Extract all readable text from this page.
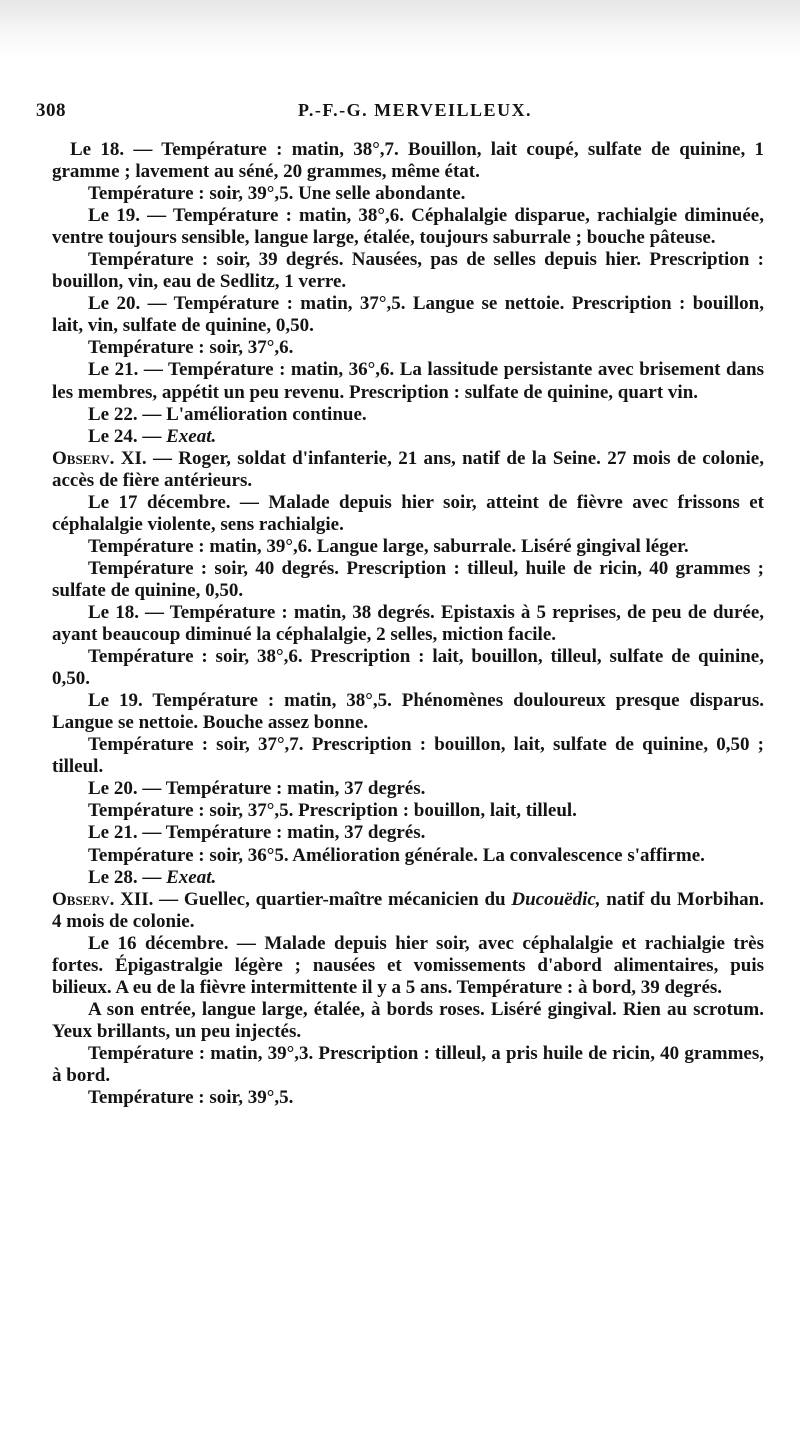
308	P.-F.-G. MERVEILLEUX.

Le 18. — Température : matin, 38°,7. Bouillon, lait coupé, sulfate de quinine, 1 gramme ; lavement au séné, 20 grammes, même état.

Température : soir, 39°,5. Une selle abondante.

Le 19. — Température : matin, 38°,6. Céphalalgie disparue, rachialgie diminuée, ventre toujours sensible, langue large, étalée, toujours saburrale ; bouche pâteuse.

Température : soir, 39 degrés. Nausées, pas de selles depuis hier. Prescription : bouillon, vin, eau de Sedlitz, 1 verre.

Le 20. — Température : matin, 37°,5. Langue se nettoie. Prescription : bouillon, lait, vin, sulfate de quinine, 0,50.

Température : soir, 37°,6.

Le 21. — Température : matin, 36°,6. La lassitude persistante avec brisement dans les membres, appétit un peu revenu. Prescription : sulfate de quinine, quart vin.

Le 22. — L'amélioration continue.

Le 24. — Exeat.

Observ. XI. — Roger, soldat d'infanterie, 21 ans, natif de la Seine. 27 mois de colonie, accès de fière antérieurs.

Le 17 décembre. — Malade depuis hier soir, atteint de fièvre avec frissons et céphalalgie violente, sens rachialgie.

Température : matin, 39°,6. Langue large, saburrale. Liséré gingival léger.

Température : soir, 40 degrés. Prescription : tilleul, huile de ricin, 40 grammes ; sulfate de quinine, 0,50.

Le 18. — Température : matin, 38 degrés. Epistaxis à 5 reprises, de peu de durée, ayant beaucoup diminué la céphalalgie, 2 selles, miction facile.

Température : soir, 38°,6. Prescription : lait, bouillon, tilleul, sulfate de quinine, 0,50.

Le 19. Température : matin, 38°,5. Phénomènes douloureux presque disparus. Langue se nettoie. Bouche assez bonne.

Température : soir, 37°,7. Prescription : bouillon, lait, sulfate de quinine, 0,50 ; tilleul.

Le 20. — Température : matin, 37 degrés.

Température : soir, 37°,5. Prescription : bouillon, lait, tilleul.

Le 21. — Température : matin, 37 degrés.

Température : soir, 36°5. Amélioration générale. La convalescence s'affirme.

Le 28. — Exeat.

Observ. XII. — Guellec, quartier-maître mécanicien du Ducouëdic, natif du Morbihan. 4 mois de colonie.

Le 16 décembre. — Malade depuis hier soir, avec céphalalgie et rachialgie très fortes. Épigastralgie légère ; nausées et vomissements d'abord alimentaires, puis bilieux. A eu de la fièvre intermittente il y a 5 ans. Température : à bord, 39 degrés.

A son entrée, langue large, étalée, à bords roses. Liséré gingival. Rien au scrotum. Yeux brillants, un peu injectés.

Température : matin, 39°,3. Prescription : tilleul, a pris huile de ricin, 40 grammes, à bord.

Température : soir, 39°,5.
